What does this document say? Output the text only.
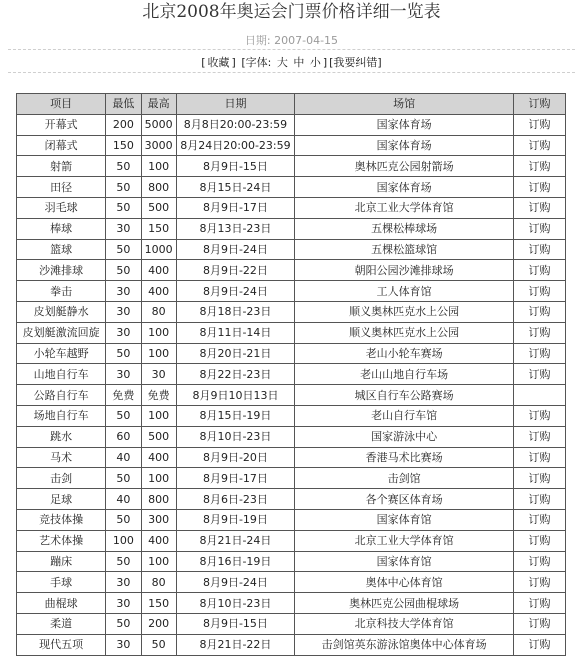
北京2008年奥运会门票价格详细一览表
日期: 2007-04-15
[ 收藏 ] [字体: 大 中 小 ] [我要纠错]
项目	最低	最高	日期	场馆	订购
开幕式	200	5000	8月8日20:00-23:59	国家体育场	订购
闭幕式	150	3000	8月24日20:00-23:59	国家体育场	订购
射箭	50	100	8月9日-15日	奥林匹克公园射箭场	订购
田径	50	800	8月15日-24日	国家体育场	订购
羽毛球	50	500	8月9日-17日	北京工业大学体育馆	订购
棒球	30	150	8月13日-23日	五棵松棒球场	订购
篮球	50	1000	8月9日-24日	五棵松篮球馆	订购
沙滩排球	50	400	8月9日-22日	朝阳公园沙滩排球场	订购
拳击	30	400	8月9日-24日	工人体育馆	订购
皮划艇静水	30	80	8月18日-23日	顺义奥林匹克水上公园	订购
皮划艇激流回旋	30	100	8月11日-14日	顺义奥林匹克水上公园	订购
小轮车越野	50	100	8月20日-21日	老山小轮车赛场	订购
山地自行车	30	30	8月22日-23日	老山山地自行车场	订购
公路自行车	免费	免费	8月9日10日13日	城区自行车公路赛场	
场地自行车	50	100	8月15日-19日	老山自行车馆	订购
跳水	60	500	8月10日-23日	国家游泳中心	订购
马术	40	400	8月9日-20日	香港马术比赛场	订购
击剑	50	100	8月9日-17日	击剑馆	订购
足球	40	800	8月6日-23日	各个赛区体育场	订购
竞技体操	50	300	8月9日-19日	国家体育馆	订购
艺术体操	100	400	8月21日-24日	北京工业大学体育馆	订购
蹦床	50	100	8月16日-19日	国家体育馆	订购
手球	30	80	8月9日-24日	奥体中心体育馆	订购
曲棍球	30	150	8月10日-23日	奥林匹克公园曲棍球场	订购
柔道	50	200	8月9日-15日	北京科技大学体育馆	订购
现代五项	30	50	8月21日-22日	击剑馆英东游泳馆奥体中心体育场	订购
